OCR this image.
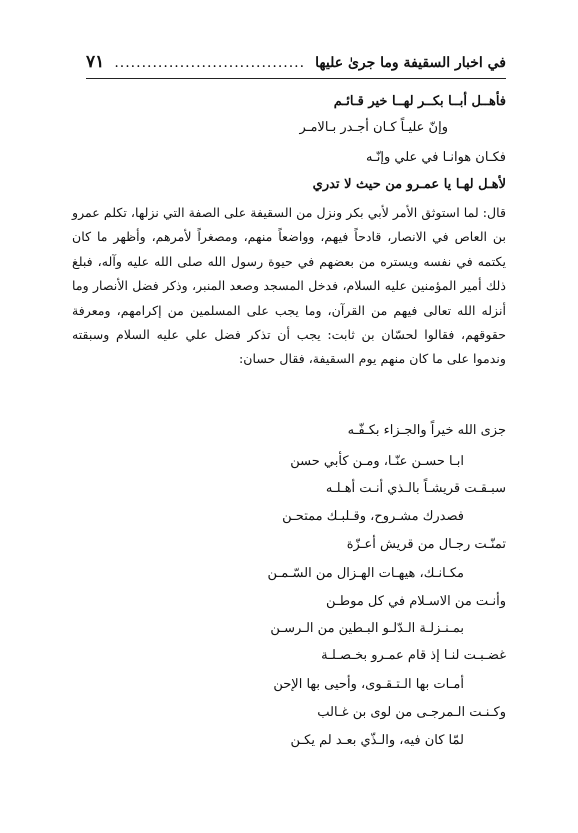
في اخبار السقيفة وما جرىٰ عليها
...................................
٧١
فأهــل أبــا بكــر لهــا خير قـائـم
وإنّ عليـاً كـان أجـدر بـالامـر
فكـان هوانـا في علي وإنّـه
لأهـل لهـا يا عمـرو من حيث لا تدري
قال: لما استوثق الأمر لأبي بكر ونزل من السقيفة على الصفة التي نزلها، تكلم عمرو بن العاص في الانصار، قادحاً فيهم، وواضعاً منهم، ومصغراً لأمرهم، وأظهر ما كان يكتمه في نفسه ويستره من بعضهم في حيوة رسول الله صلى الله عليه وآله، فبلغ ذلك أمير المؤمنين عليه السلام، فدخل المسجد وصعد المنبر، وذكر فضل الأنصار وما أنزله الله تعالى فيهم من القرآن، وما يجب على المسلمين من إكرامهم، ومعرفة حقوقهم، فقالوا لحسّان بن ثابت: يجب أن تذكر فضل علي عليه السلام وسبقته وندموا على ما كان منهم يوم السقيفة، فقال حسان:
جزى الله خيراً والجـزاء بكـفّـه
ابـا حسـن عنّـا، ومـن كأبي حسن
سبـقـت قريشـاً بالـذي أنـت أهـلـه
فصدرك مشـروح، وقـلبـك ممتحـن
تمنّـت رجـال من قريش أعـزّة
مكـانـك، هيهـات الهـزال من السّـمـن
وأنـت من الاسـلام في كل موطـن
بمـنـزلـة الـدّلـو البـطين من الـرسـن
غضـبـت لنـا إذ قام عمـرو بخـصـلـة
أمـات بها الـتـقـوى، وأحيى بها الإحن
وكـنـت الـمرجـى من لوى بن غـالب
لمّا كان فيه، والـذّي بعـد لم يكـن
